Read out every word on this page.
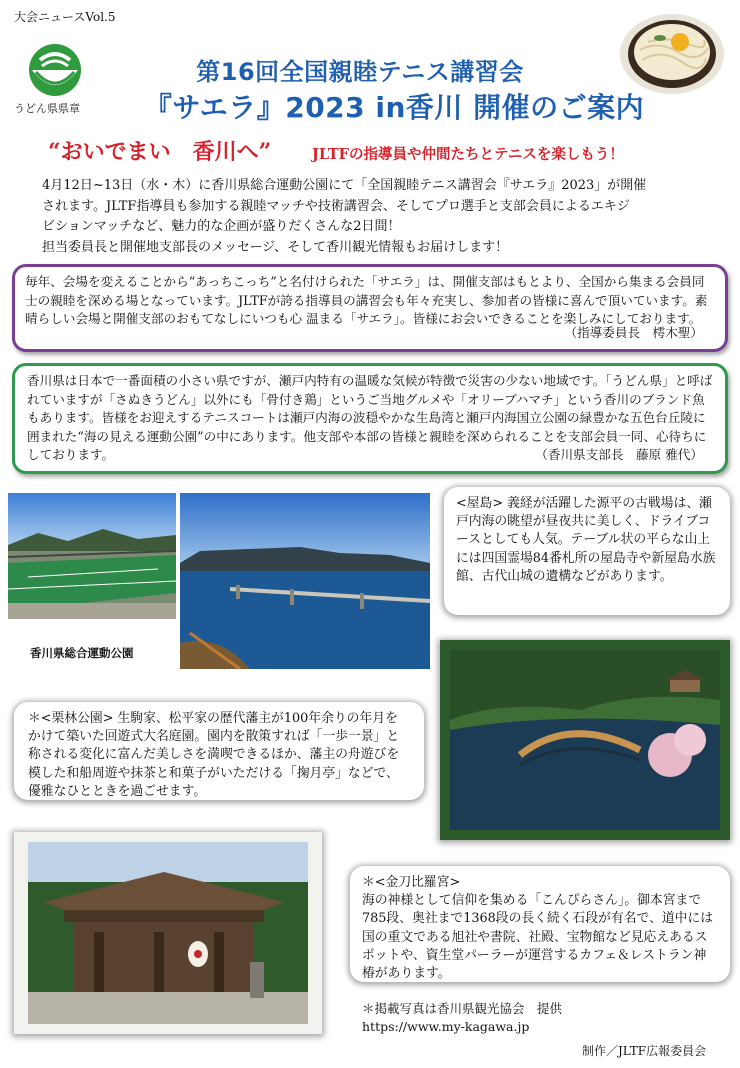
大会ニュースVol.5
うどん県県章
第16回全国親睦テニス講習会
『サエラ』2023 in香川 開催のご案内
“おいでまい　香川へ”	JLTFの指導員や仲間たちとテニスを楽しもう！

4月12日~13日（水・木）に香川県総合運動公園にて「全国親睦テニス講習会『サエラ』2023」が開催

されます。JLTF指導員も参加する親睦マッチや技術講習会、そしてプロ選手と支部会員によるエキジ

ビションマッチなど、魅力的な企画が盛りだくさんな2日間！

担当委員長と開催地支部長のメッセージ、そして香川観光情報もお届けします！

毎年、会場を変えることから“あっちこっち”と名付けられた「サエラ」は、開催支部はもとより、全国から集まる会員同士の親睦を深める場となっています。JLTFが誇る指導員の講習会も年々充実し、参加者の皆様に喜んで頂いています。素晴らしい会場と開催支部のおもてなしにいつも心 温まる「サエラ」。皆様にお会いできることを楽しみにしております。

（指導委員長　樗木聖）

香川県は日本で一番面積の小さい県ですが、瀬戸内特有の温暖な気候が特徴で災害の少ない地域です。「うどん県」と呼ばれていますが「さぬきうどん」以外にも「骨付き鶏」というご当地グルメや「オリーブハマチ」という香川のブランド魚もあります。皆様をお迎えするテニスコートは瀬戸内海の波穏やかな生島湾と瀬戸内海国立公園の緑豊かな五色台丘陵に囲まれた“海の見える運動公園”の中にあります。他支部や本部の皆様と親睦を深められることを支部会員一同、心待ちにしております。	（香川県支部長　藤原 雅代）
香川県総合運動公園
<屋島> 義経が活躍した源平の古戦場は、瀬戸内海の眺望が昼夜共に美しく、ドライブコースとしても人気。テーブル状の平らな山上には四国霊場84番札所の屋島寺や新屋島水族館、古代山城の遺構などがあります。
＊<栗林公園> 生駒家、松平家の歴代藩主が100年余りの年月をかけて築いた回遊式大名庭園。園内を散策すれば「一歩一景」と称される変化に富んだ美しさを満喫できるほか、藩主の舟遊びを模した和船周遊や抹茶と和菓子がいただける「掬月亭」などで、優雅なひとときを過ごせます。
＊<金刀比羅宮>
海の神様として信仰を集める「こんぴらさん」。御本宮まで785段、奥社まで1368段の長く続く石段が有名で、道中には国の重文である旭社や書院、社殿、宝物館など見応えあるスポットや、資生堂パーラーが運営するカフェ＆レストラン神椿があります。
＊掲載写真は香川県観光協会　提供
https://www.my-kagawa.jp
制作／JLTF広報委員会
